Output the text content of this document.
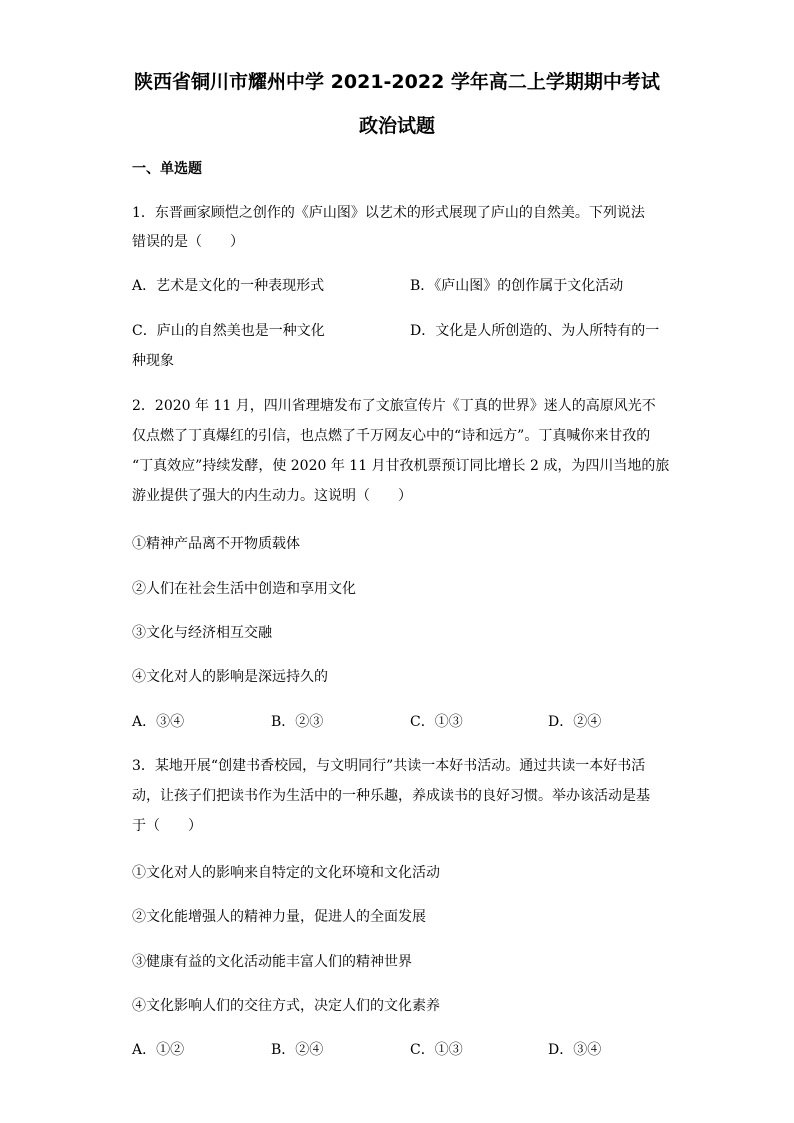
陕西省铜川市耀州中学 2021-2022 学年高二上学期期中考试
政治试题
一、单选题
1．东晋画家顾恺之创作的《庐山图》以艺术的形式展现了庐山的自然美。下列说法
错误的是（　　）
A．艺术是文化的一种表现形式	B．《庐山图》的创作属于文化活动
C．庐山的自然美也是一种文化	D．文化是人所创造的、为人所特有的一
种现象
2．2020 年 11 月，四川省理塘发布了文旅宣传片《丁真的世界》迷人的高原风光不
仅点燃了丁真爆红的引信，也点燃了千万网友心中的“诗和远方”。丁真喊你来甘孜的
“丁真效应”持续发酵，使 2020 年 11 月甘孜机票预订同比增长 2 成，为四川当地的旅
游业提供了强大的内生动力。这说明（　　）
①精神产品离不开物质载体
②人们在社会生活中创造和享用文化
③文化与经济相互交融
④文化对人的影响是深远持久的
A．③④	B．②③	C．①③	D．②④
3．某地开展“创建书香校园，与文明同行”共读一本好书活动。通过共读一本好书活
动，让孩子们把读书作为生活中的一种乐趣，养成读书的良好习惯。举办该活动是基
于（　　）
①文化对人的影响来自特定的文化环境和文化活动
②文化能增强人的精神力量，促进人的全面发展
③健康有益的文化活动能丰富人们的精神世界
④文化影响人们的交往方式，决定人们的文化素养
A．①②	B．②④	C．①③	D．③④
